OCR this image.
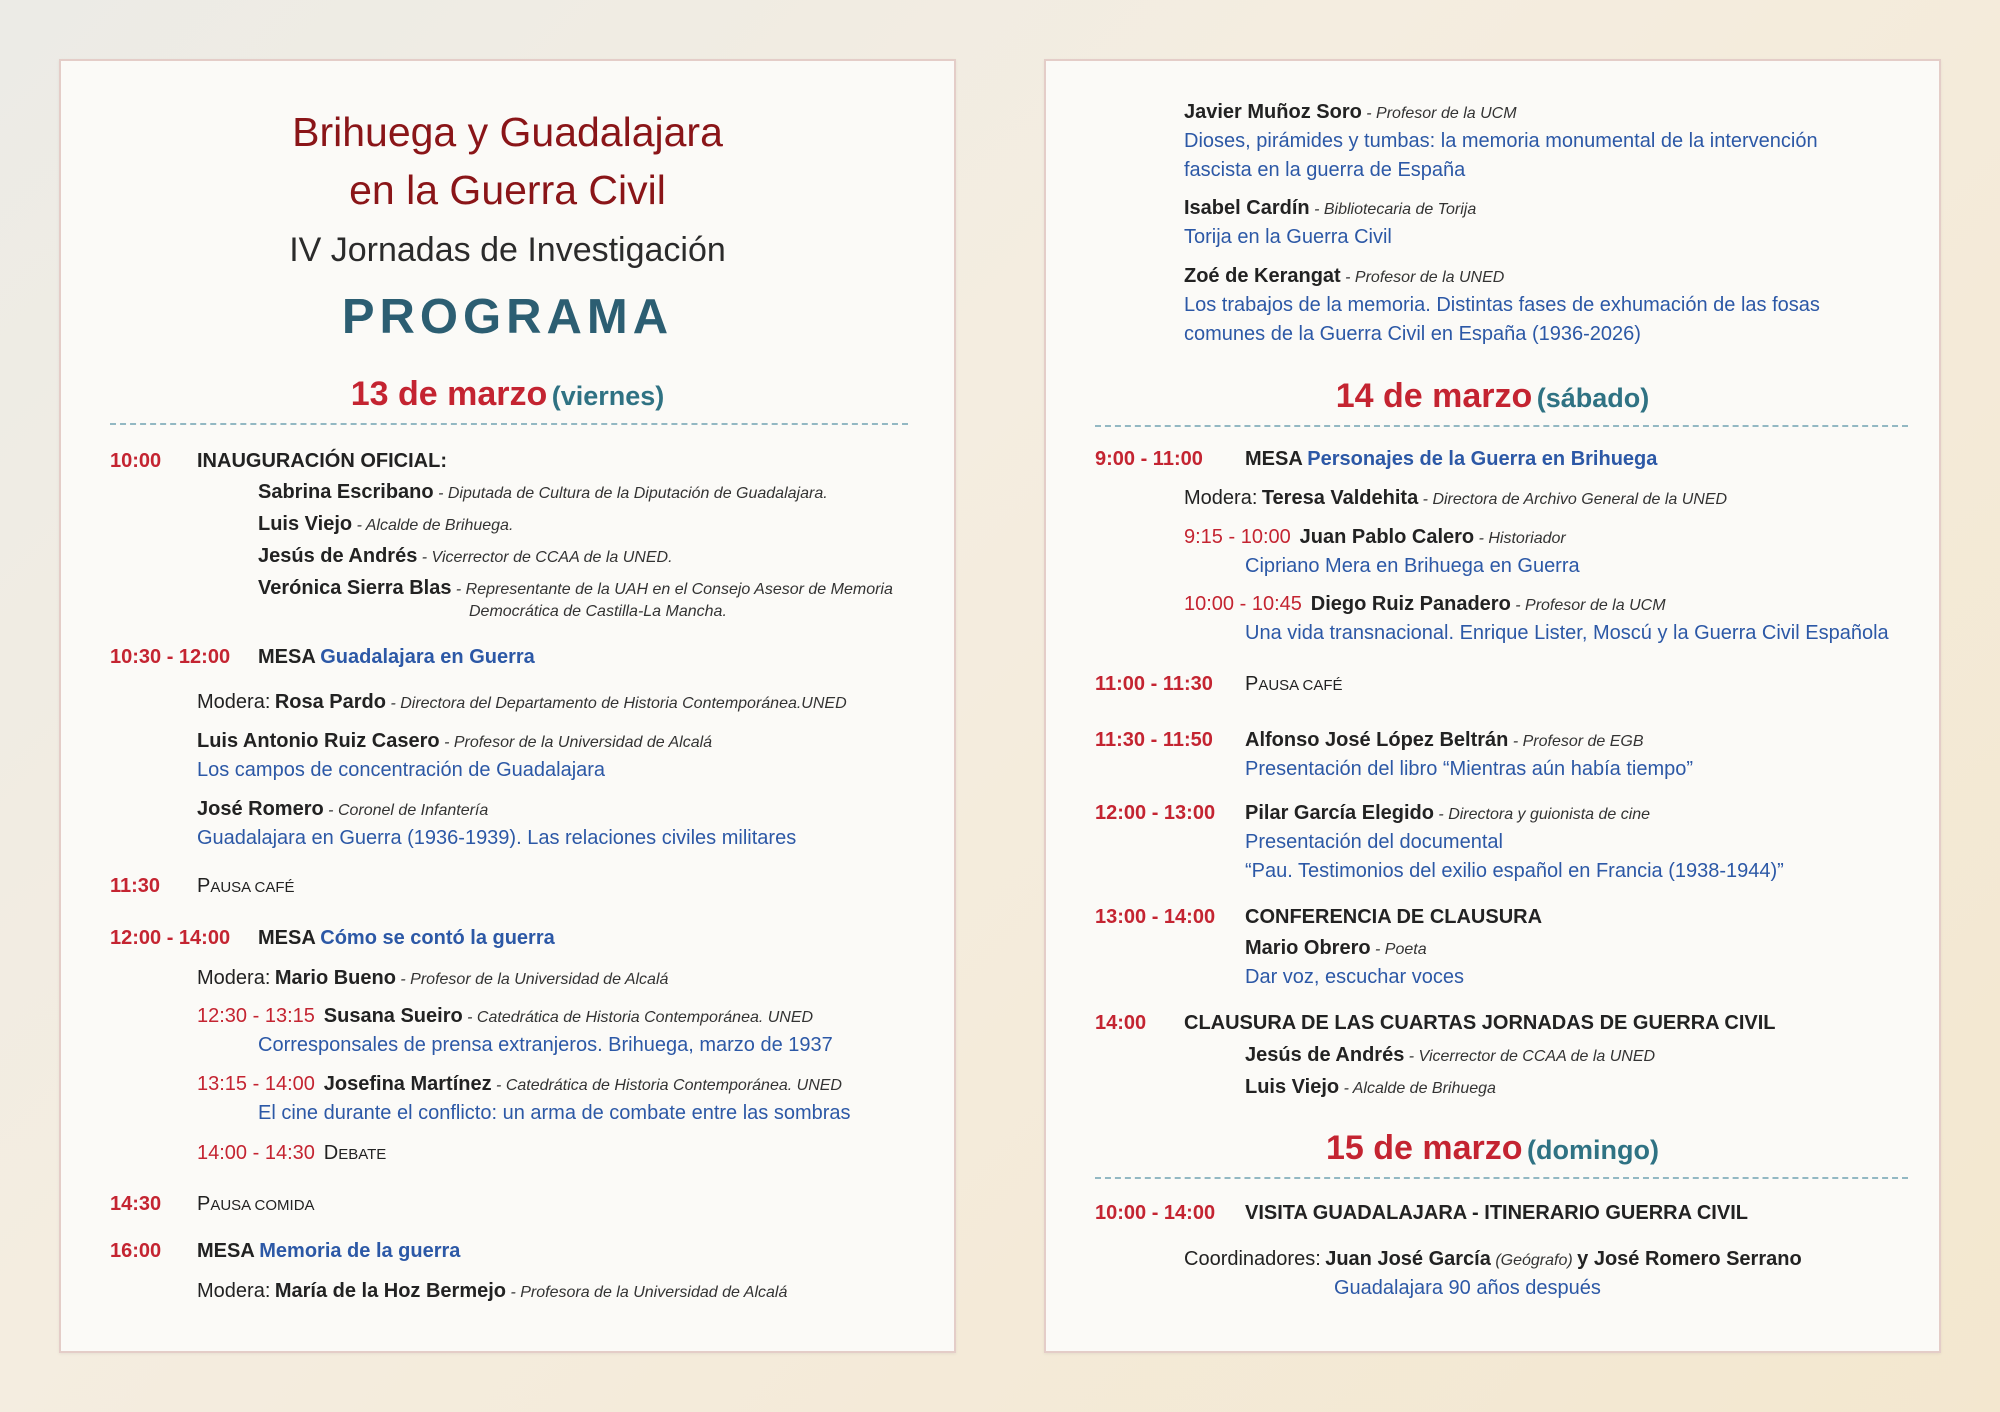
Brihuega y Guadalajara
en la Guerra Civil
IV Jornadas de Investigación
PROGRAMA
13 de marzo (viernes)
10:00 INAUGURACIÓN OFICIAL:
Sabrina Escribano - Diputada de Cultura de la Diputación de Guadalajara.
Luis Viejo - Alcalde de Brihuega.
Jesús de Andrés - Vicerrector de CCAA de la UNED.
Verónica Sierra Blas - Representante de la UAH en el Consejo Asesor de Memoria
Democrática de Castilla-La Mancha.
10:30 - 12:00 MESA Guadalajara en Guerra
Modera: Rosa Pardo - Directora del Departamento de Historia Contemporánea.UNED
Luis Antonio Ruiz Casero - Profesor de la Universidad de Alcalá
Los campos de concentración de Guadalajara
José Romero - Coronel de Infantería
Guadalajara en Guerra (1936-1939). Las relaciones civiles militares
11:30 PAUSA CAFÉ
12:00 - 14:00 MESA Cómo se contó la guerra
Modera: Mario Bueno - Profesor de la Universidad de Alcalá
12:30 - 13:15 Susana Sueiro - Catedrática de Historia Contemporánea. UNED
Corresponsales de prensa extranjeros. Brihuega, marzo de 1937
13:15 - 14:00 Josefina Martínez - Catedrática de Historia Contemporánea. UNED
El cine durante el conflicto: un arma de combate entre las sombras
14:00 - 14:30 DEBATE
14:30 PAUSA COMIDA
16:00 MESA Memoria de la guerra
Modera: María de la Hoz Bermejo - Profesora de la Universidad de Alcalá
Javier Muñoz Soro - Profesor de la UCM
Dioses, pirámides y tumbas: la memoria monumental de la intervención
fascista en la guerra de España
Isabel Cardín - Bibliotecaria de Torija
Torija en la Guerra Civil
Zoé de Kerangat - Profesor de la UNED
Los trabajos de la memoria. Distintas fases de exhumación de las fosas
comunes de la Guerra Civil en España (1936-2026)
14 de marzo (sábado)
9:00 - 11:00 MESA Personajes de la Guerra en Brihuega
Modera: Teresa Valdehita - Directora de Archivo General de la UNED
9:15 - 10:00 Juan Pablo Calero - Historiador
Cipriano Mera en Brihuega en Guerra
10:00 - 10:45 Diego Ruiz Panadero - Profesor de la UCM
Una vida transnacional. Enrique Lister, Moscú y la Guerra Civil Española
11:00 - 11:30 PAUSA CAFÉ
11:30 - 11:50 Alfonso José López Beltrán - Profesor de EGB
Presentación del libro “Mientras aún había tiempo”
12:00 - 13:00 Pilar García Elegido - Directora y guionista de cine
Presentación del documental
“Pau. Testimonios del exilio español en Francia (1938-1944)”
13:00 - 14:00 CONFERENCIA DE CLAUSURA
Mario Obrero - Poeta
Dar voz, escuchar voces
14:00 CLAUSURA DE LAS CUARTAS JORNADAS DE GUERRA CIVIL
Jesús de Andrés - Vicerrector de CCAA de la UNED
Luis Viejo - Alcalde de Brihuega
15 de marzo (domingo)
10:00 - 14:00 VISITA GUADALAJARA - ITINERARIO GUERRA CIVIL
Coordinadores: Juan José García (Geógrafo) y José Romero Serrano
Guadalajara 90 años después
